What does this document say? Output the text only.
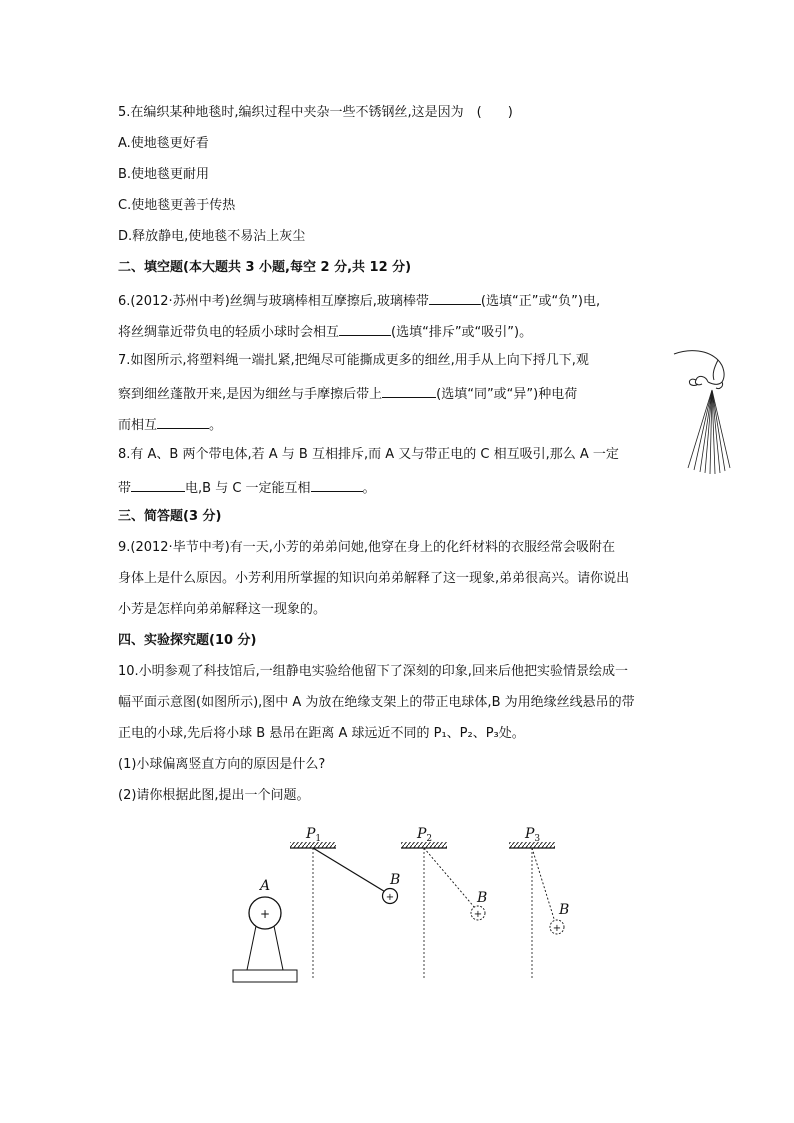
5.在编织某种地毯时,编织过程中夹杂一些不锈钢丝,这是因为　(　　)
A.使地毯更好看
B.使地毯更耐用
C.使地毯更善于传热
D.释放静电,使地毯不易沾上灰尘
二、填空题(本大题共 3 小题,每空 2 分,共 12 分)
6.(2012·苏州中考)丝绸与玻璃棒相互摩擦后,玻璃棒带	(选填“正”或“负”)电,
将丝绸靠近带负电的轻质小球时会相互	(选填“排斥”或“吸引”)。
7.如图所示,将塑料绳一端扎紧,把绳尽可能撕成更多的细丝,用手从上向下捋几下,观
察到细丝蓬散开来,是因为细丝与手摩擦后带上	(选填“同”或“异”)种电荷
而相互	。
8.有 A、B 两个带电体,若 A 与 B 互相排斥,而 A 又与带正电的 C 相互吸引,那么 A 一定
带	电,B 与 C 一定能互相	。
三、简答题(3 分)
9.(2012·毕节中考)有一天,小芳的弟弟问她,他穿在身上的化纤材料的衣服经常会吸附在
身体上是什么原因。小芳利用所掌握的知识向弟弟解释了这一现象,弟弟很高兴。请你说出
小芳是怎样向弟弟解释这一现象的。
四、实验探究题(10 分)
10.小明参观了科技馆后,一组静电实验给他留下了深刻的印象,回来后他把实验情景绘成一
幅平面示意图(如图所示),图中 A 为放在绝缘支架上的带正电球体,B 为用绝缘丝线悬吊的带
正电的小球,先后将小球 B 悬吊在距离 A 球远近不同的 P₁、P₂、P₃处。
(1)小球偏离竖直方向的原因是什么?
(2)请你根据此图,提出一个问题。
A
+
+
$P_1$
B
+
$P_2$
B
+
$P_3$
B
